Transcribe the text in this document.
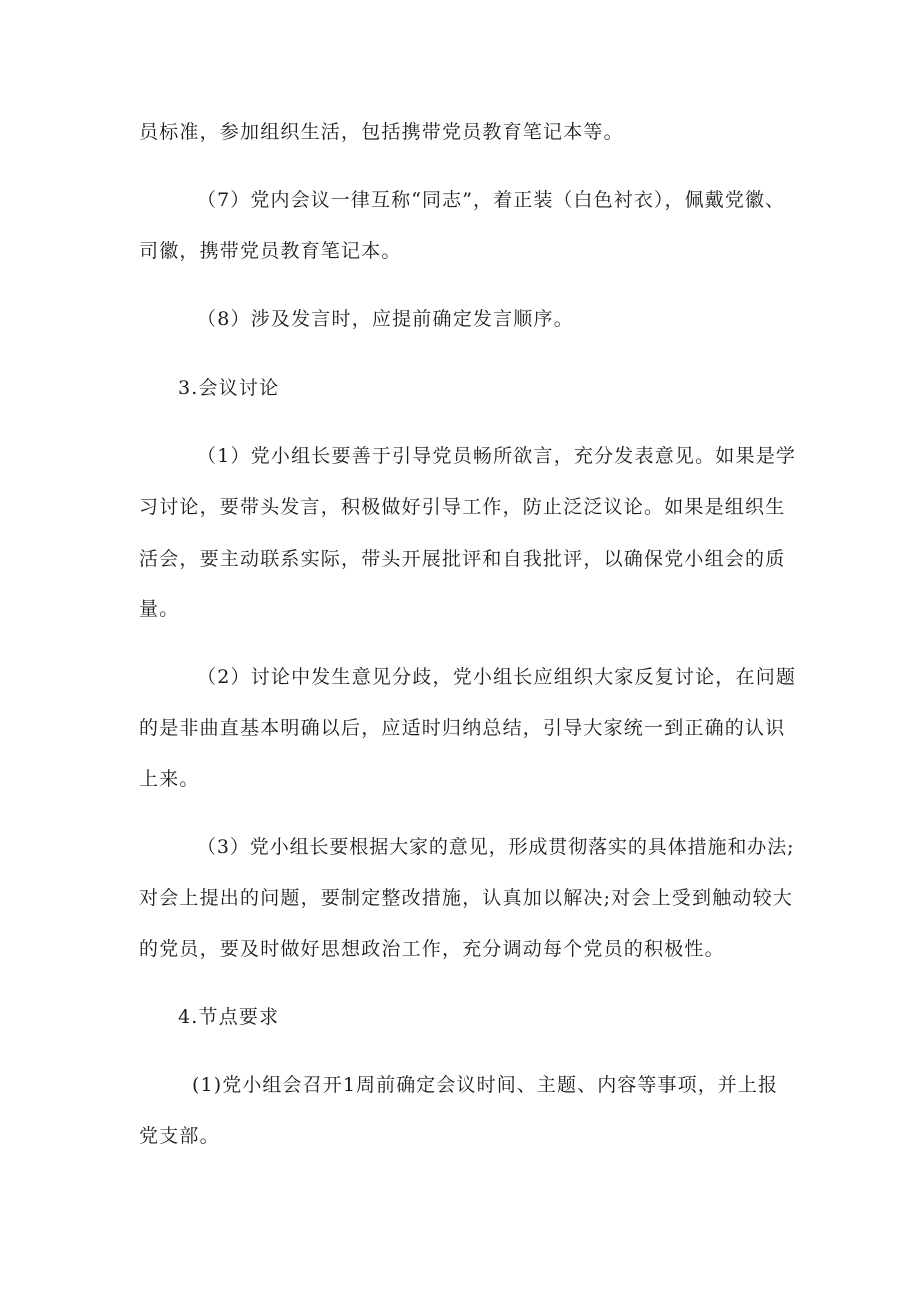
员标准，参加组织生活，包括携带党员教育笔记本等。
（7）党内会议一律互称“同志”，着正装（白色衬衣），佩戴党徽、
司徽，携带党员教育笔记本。
（8）涉及发言时，应提前确定发言顺序。
3.会议讨论
（1）党小组长要善于引导党员畅所欲言，充分发表意见。如果是学
习讨论，要带头发言，积极做好引导工作，防止泛泛议论。如果是组织生
活会，要主动联系实际，带头开展批评和自我批评，以确保党小组会的质
量。
（2）讨论中发生意见分歧，党小组长应组织大家反复讨论，在问题
的是非曲直基本明确以后，应适时归纳总结，引导大家统一到正确的认识
上来。
（3）党小组长要根据大家的意见，形成贯彻落实的具体措施和办法;
对会上提出的问题，要制定整改措施，认真加以解决;对会上受到触动较大
的党员，要及时做好思想政治工作，充分调动每个党员的积极性。
4.节点要求
(1)党小组会召开1周前确定会议时间、主题、内容等事项，并上报
党支部。
